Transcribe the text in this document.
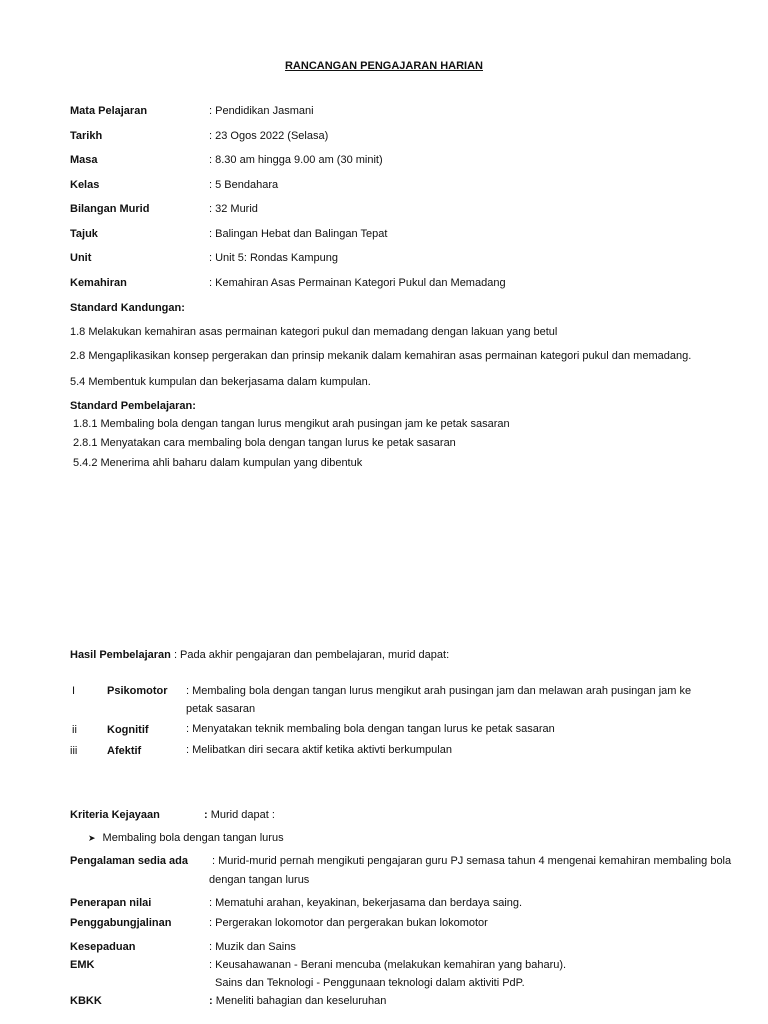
RANCANGAN PENGAJARAN HARIAN
Mata Pelajaran	: Pendidikan Jasmani
Tarikh	: 23 Ogos 2022 (Selasa)
Masa	: 8.30 am hingga 9.00 am (30 minit)
Kelas	: 5 Bendahara
Bilangan Murid	: 32 Murid
Tajuk	: Balingan Hebat dan Balingan Tepat
Unit	: Unit 5: Rondas Kampung
Kemahiran	: Kemahiran Asas Permainan Kategori Pukul dan Memadang
Standard Kandungan:
1.8 Melakukan kemahiran asas permainan kategori pukul dan memadang dengan lakuan yang betul
2.8 Mengaplikasikan konsep pergerakan dan prinsip mekanik dalam kemahiran asas permainan kategori pukul dan memadang.
5.4 Membentuk kumpulan dan bekerjasama dalam kumpulan.
Standard Pembelajaran:
1.8.1 Membaling bola dengan tangan lurus mengikut arah pusingan jam ke petak sasaran
2.8.1 Menyatakan cara membaling bola dengan tangan lurus ke petak sasaran
5.4.2 Menerima ahli baharu dalam kumpulan yang dibentuk
Hasil Pembelajaran : Pada akhir pengajaran dan pembelajaran, murid dapat:
I	Psikomotor : Membaling bola dengan tangan lurus mengikut arah pusingan jam dan melawan arah pusingan jam ke
petak sasaran
ii	Kognitif	: Menyatakan teknik membaling bola dengan tangan lurus ke petak sasaran
iii	Afektif	: Melibatkan diri secara aktif ketika aktivti berkumpulan
Kriteria Kejayaan	: Murid dapat :
➤ Membaling bola dengan tangan lurus
Pengalaman sedia ada : Murid-murid pernah mengikuti pengajaran guru PJ semasa tahun 4 mengenai kemahiran membaling bola
dengan tangan lurus
Penerapan nilai	: Mematuhi arahan, keyakinan, bekerjasama dan berdaya saing.
Penggabungjalinan	: Pergerakan lokomotor dan pergerakan bukan lokomotor
Kesepaduan	: Muzik dan Sains
EMK	: Keusahawanan - Berani mencuba (melakukan kemahiran yang baharu).
Sains dan Teknologi - Penggunaan teknologi dalam aktiviti PdP.
KBKK	: Meneliti bahagian dan keseluruhan
